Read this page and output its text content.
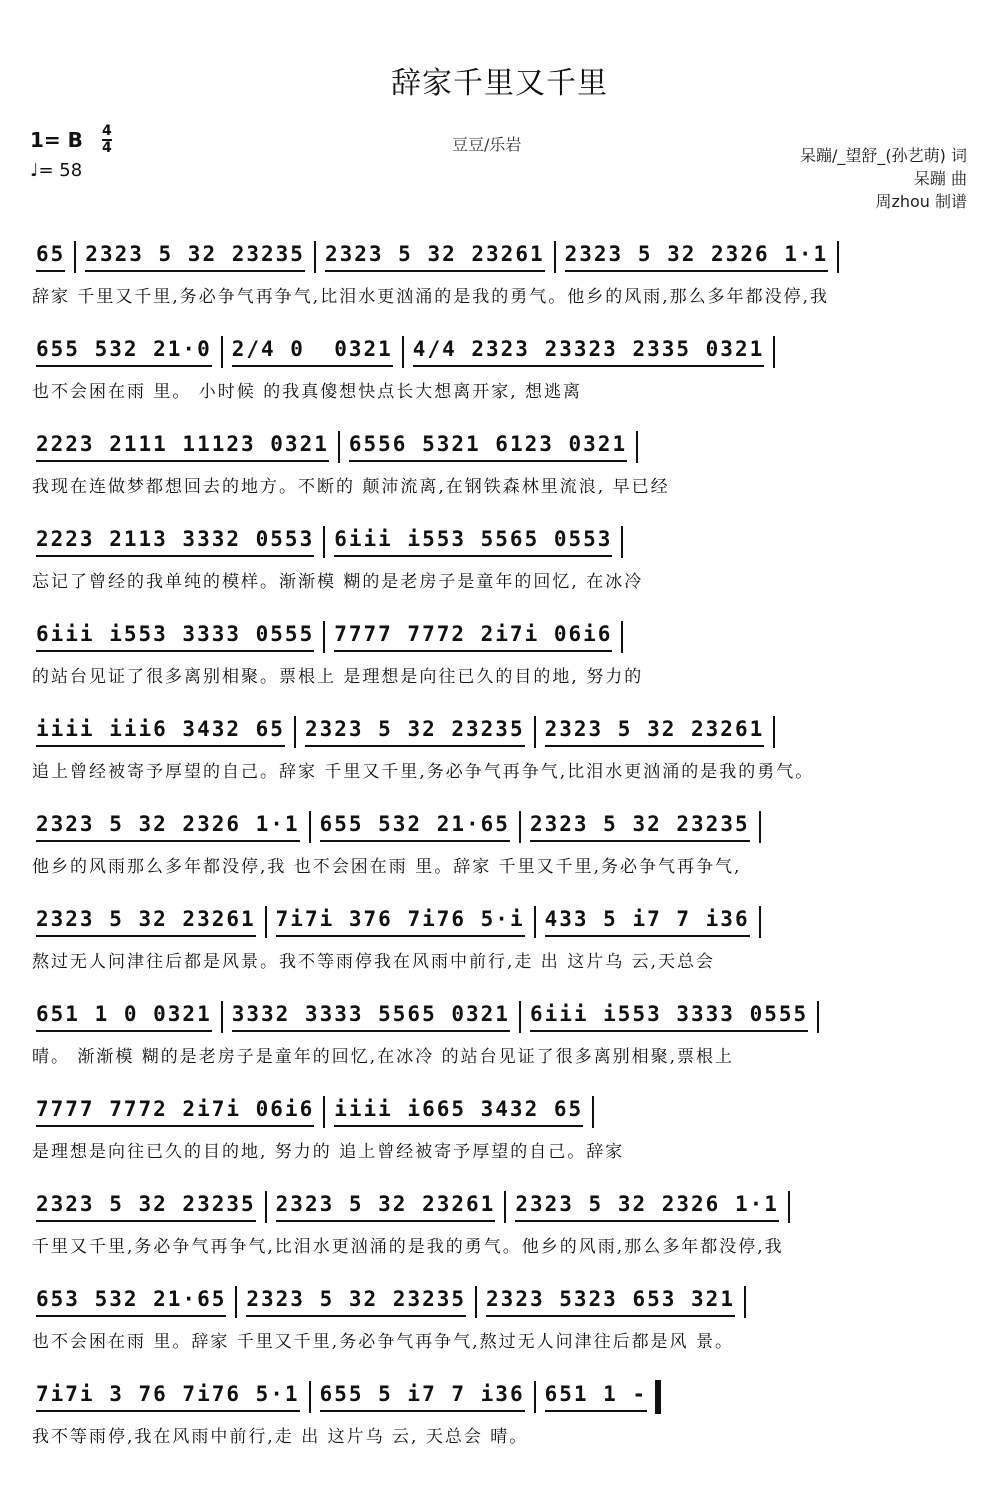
辞家千里又千里
1= B 4
4
♩= 58
豆豆/乐岩
呆蹦/_望舒_(孙艺萌) 词
呆蹦 曲
周zhou 制谱
65 2323 5 32 23235 2323 5 32 23261 2323 5 32 2326 1·1
辞家 千里又千里,务必争气再争气,比泪水更汹涌的是我的勇气。他乡的风雨,那么多年都没停,我
655 532 21·0 2/4 0  0321 4/4 2323 23323 2335 0321
也不会困在雨 里。 小时候 的我真傻想快点长大想离开家, 想逃离
2223 2111 11123 0321 6556 5321 6123 0321
我现在连做梦都想回去的地方。不断的 颠沛流离,在钢铁森林里流浪, 早已经
2223 2113 3332 0553 6iii i553 5565 0553
忘记了曾经的我单纯的模样。渐渐模 糊的是老房子是童年的回忆, 在冰冷
6iii i553 3333 0555 7777 7772 2i7i 06i6
的站台见证了很多离别相聚。票根上 是理想是向往已久的目的地, 努力的
iiii iii6 3432 65 2323 5 32 23235 2323 5 32 23261
追上曾经被寄予厚望的自己。辞家 千里又千里,务必争气再争气,比泪水更汹涌的是我的勇气。
2323 5 32 2326 1·1 655 532 21·65 2323 5 32 23235
他乡的风雨那么多年都没停,我 也不会困在雨 里。辞家 千里又千里,务必争气再争气,
2323 5 32 23261 7i7i 376 7i76 5·i 433 5 i7 7 i36
熬过无人问津往后都是风景。我不等雨停我在风雨中前行,走 出 这片乌 云,天总会
651 1 0 0321 3332 3333 5565 0321 6iii i553 3333 0555
晴。 渐渐模 糊的是老房子是童年的回忆,在冰冷 的站台见证了很多离别相聚,票根上
7777 7772 2i7i 06i6 iiii i665 3432 65
是理想是向往已久的目的地, 努力的 追上曾经被寄予厚望的自己。辞家
2323 5 32 23235 2323 5 32 23261 2323 5 32 2326 1·1
千里又千里,务必争气再争气,比泪水更汹涌的是我的勇气。他乡的风雨,那么多年都没停,我
653 532 21·65 2323 5 32 23235 2323 5323 653 321
也不会困在雨 里。辞家 千里又千里,务必争气再争气,熬过无人问津往后都是风 景。
7i7i 3 76 7i76 5·1 655 5 i7 7 i36 651 1 -
我不等雨停,我在风雨中前行,走 出 这片乌 云, 天总会 晴。
